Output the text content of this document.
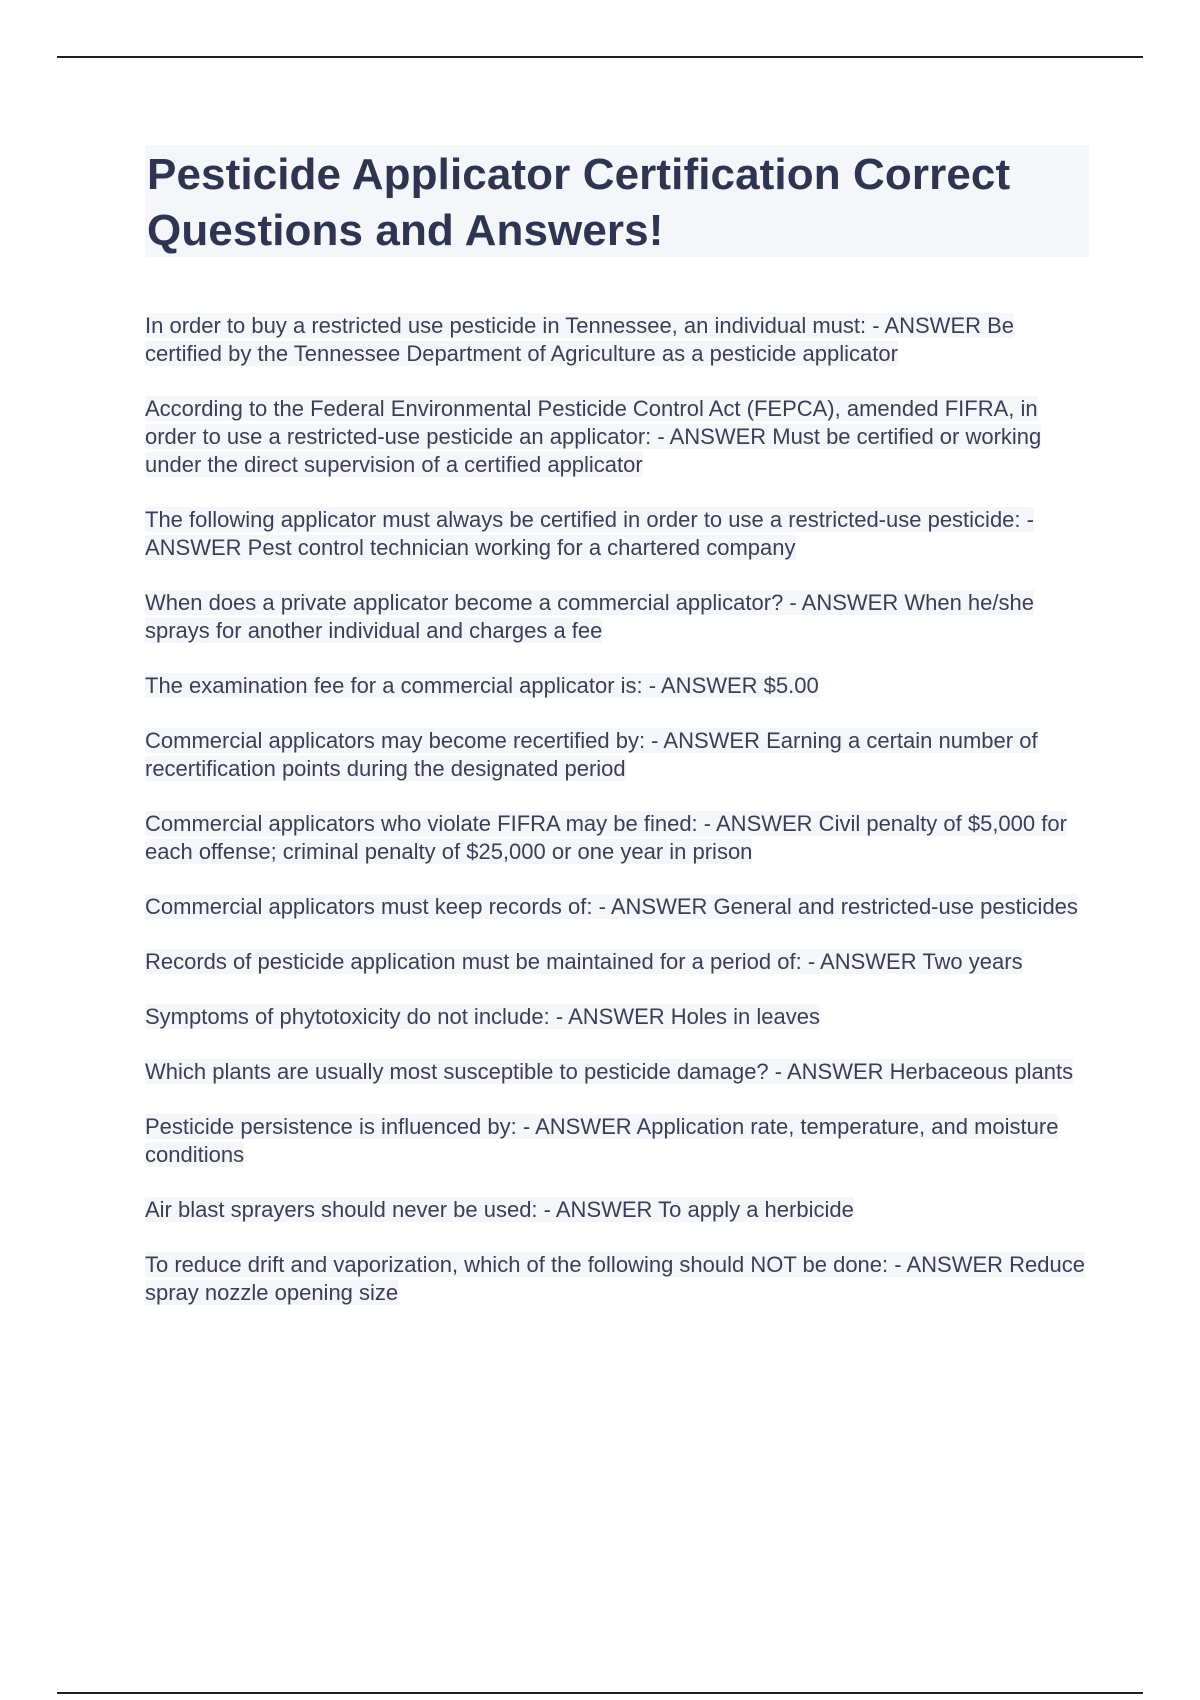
Pesticide Applicator Certification Correct Questions and Answers!

In order to buy a restricted use pesticide in Tennessee, an individual must: - ANSWER Be certified by the Tennessee Department of Agriculture as a pesticide applicator

According to the Federal Environmental Pesticide Control Act (FEPCA), amended FIFRA, in order to use a restricted-use pesticide an applicator: - ANSWER Must be certified or working under the direct supervision of a certified applicator

The following applicator must always be certified in order to use a restricted-use pesticide: - ANSWER Pest control technician working for a chartered company

When does a private applicator become a commercial applicator? - ANSWER When he/she sprays for another individual and charges a fee

The examination fee for a commercial applicator is: - ANSWER $5.00

Commercial applicators may become recertified by: - ANSWER Earning a certain number of recertification points during the designated period

Commercial applicators who violate FIFRA may be fined: - ANSWER Civil penalty of $5,000 for each offense; criminal penalty of $25,000 or one year in prison

Commercial applicators must keep records of: - ANSWER General and restricted-use pesticides

Records of pesticide application must be maintained for a period of: - ANSWER Two years

Symptoms of phytotoxicity do not include: - ANSWER Holes in leaves

Which plants are usually most susceptible to pesticide damage? - ANSWER Herbaceous plants

Pesticide persistence is influenced by: - ANSWER Application rate, temperature, and moisture conditions

Air blast sprayers should never be used: - ANSWER To apply a herbicide

To reduce drift and vaporization, which of the following should NOT be done: - ANSWER Reduce spray nozzle opening size
